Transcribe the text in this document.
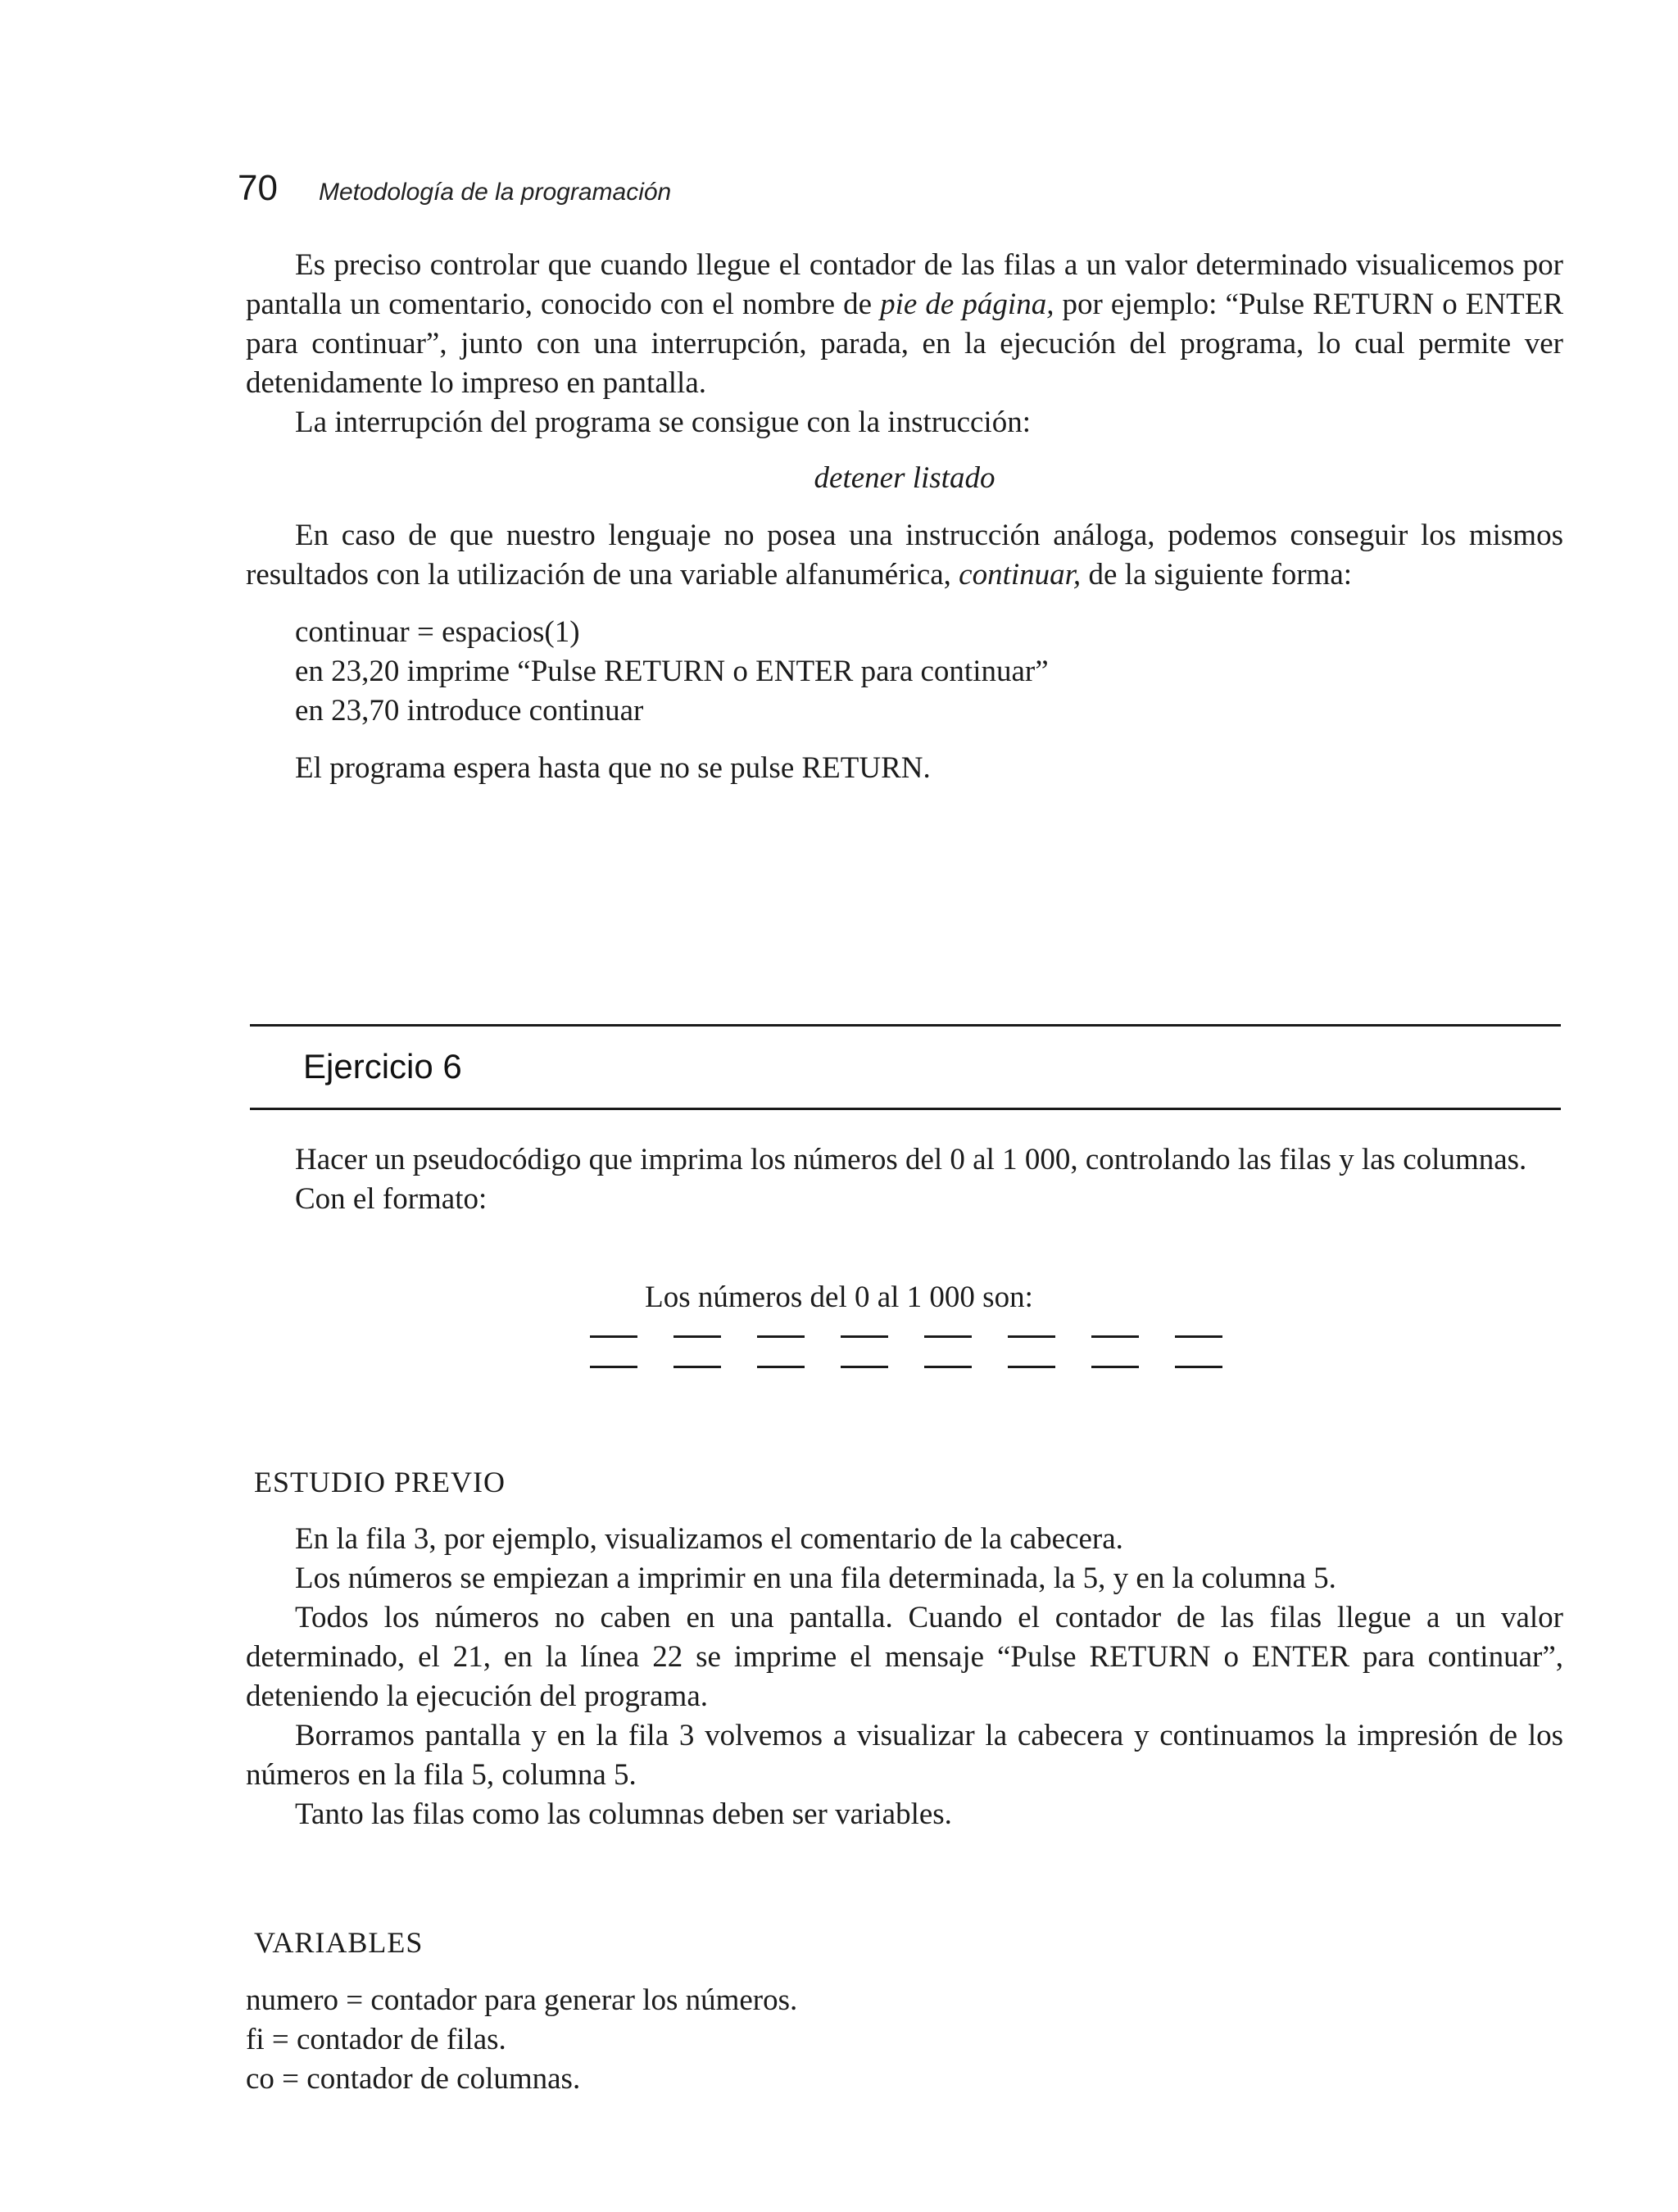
70 Metodología de la programación

Es preciso controlar que cuando llegue el contador de las filas a un valor determinado visualicemos por pantalla un comentario, conocido con el nombre de pie de página, por ejemplo: “Pulse RETURN o ENTER para continuar”, junto con una interrupción, parada, en la ejecución del programa, lo cual permite ver detenidamente lo impreso en pantalla.

La interrupción del programa se consigue con la instrucción:

detener listado

En caso de que nuestro lenguaje no posea una instrucción análoga, podemos conseguir los mismos resultados con la utilización de una variable alfanumérica, continuar, de la siguiente forma:

continuar = espacios(1)

en 23,20 imprime “Pulse RETURN o ENTER para continuar”

en 23,70 introduce continuar

El programa espera hasta que no se pulse RETURN.

Ejercicio 6

Hacer un pseudocódigo que imprima los números del 0 al 1 000, controlando las filas y las columnas.

Con el formato:

Los números del 0 al 1 000 son:
ESTUDIO PREVIO

En la fila 3, por ejemplo, visualizamos el comentario de la cabecera.

Los números se empiezan a imprimir en una fila determinada, la 5, y en la columna 5.

Todos los números no caben en una pantalla. Cuando el contador de las filas llegue a un valor determinado, el 21, en la línea 22 se imprime el mensaje “Pulse RETURN o ENTER para continuar”, deteniendo la ejecución del programa.

Borramos pantalla y en la fila 3 volvemos a visualizar la cabecera y continuamos la impresión de los números en la fila 5, columna 5.

Tanto las filas como las columnas deben ser variables.

VARIABLES

numero = contador para generar los números.

fi = contador de filas.

co = contador de columnas.
